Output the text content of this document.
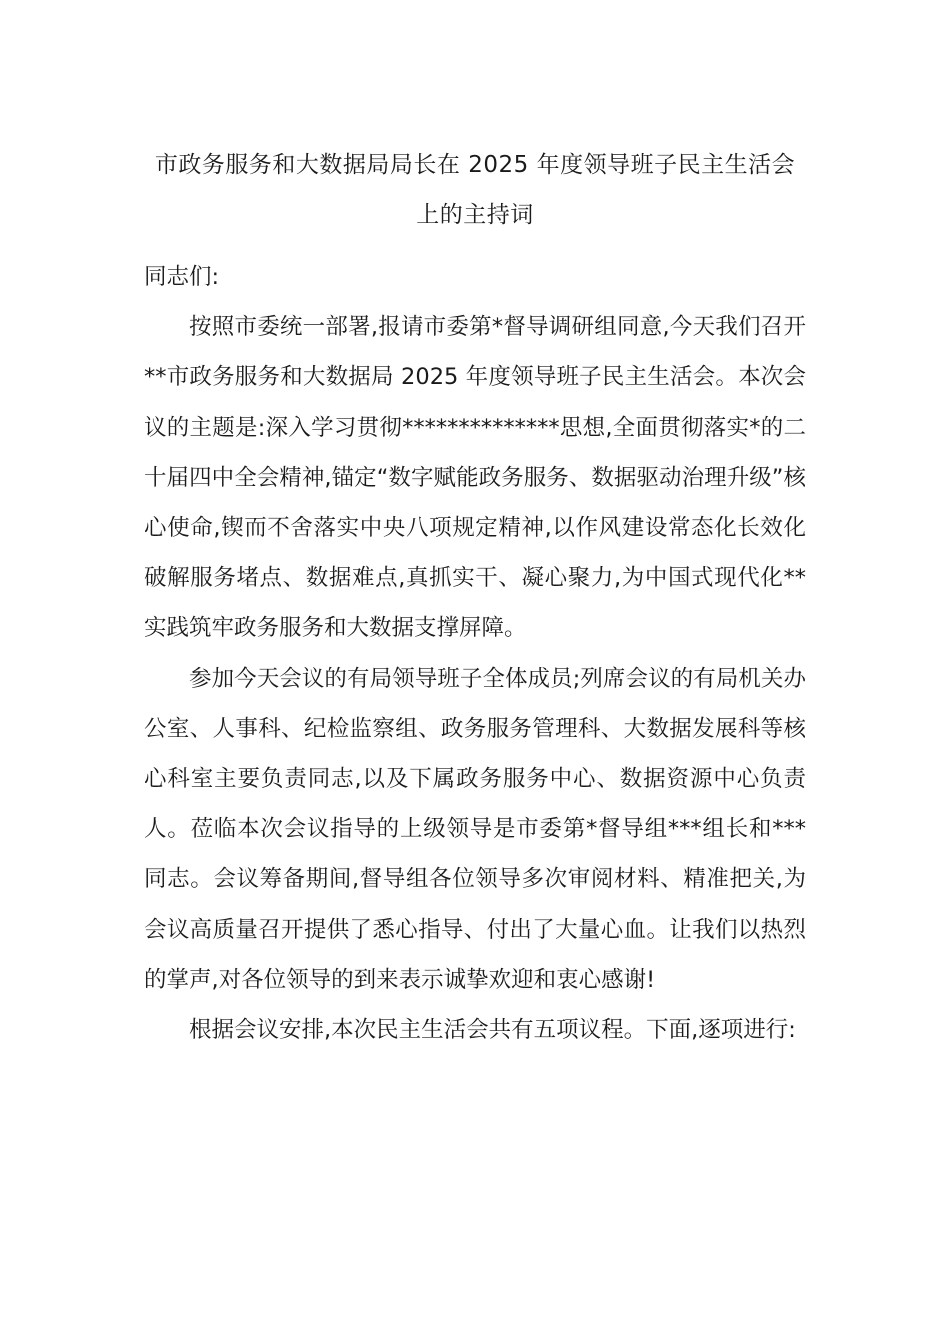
市政务服务和大数据局局长在 2025 年度领导班子民主生活会
上的主持词

同志们:

按照市委统一部署,报请市委第*督导调研组同意,今天我们召开**市政务服务和大数据局 2025 年度领导班子民主生活会。本次会议的主题是:深入学习贯彻**************思想,全面贯彻落实*的二十届四中全会精神,锚定“数字赋能政务服务、数据驱动治理升级”核心使命,锲而不舍落实中央八项规定精神,以作风建设常态化长效化破解服务堵点、数据难点,真抓实干、凝心聚力,为中国式现代化**实践筑牢政务服务和大数据支撑屏障。

参加今天会议的有局领导班子全体成员;列席会议的有局机关办公室、人事科、纪检监察组、政务服务管理科、大数据发展科等核心科室主要负责同志,以及下属政务服务中心、数据资源中心负责人。莅临本次会议指导的上级领导是市委第*督导组***组长和***同志。会议筹备期间,督导组各位领导多次审阅材料、精准把关,为会议高质量召开提供了悉心指导、付出了大量心血。让我们以热烈的掌声,对各位领导的到来表示诚挚欢迎和衷心感谢!

根据会议安排,本次民主生活会共有五项议程。下面,逐项进行:
